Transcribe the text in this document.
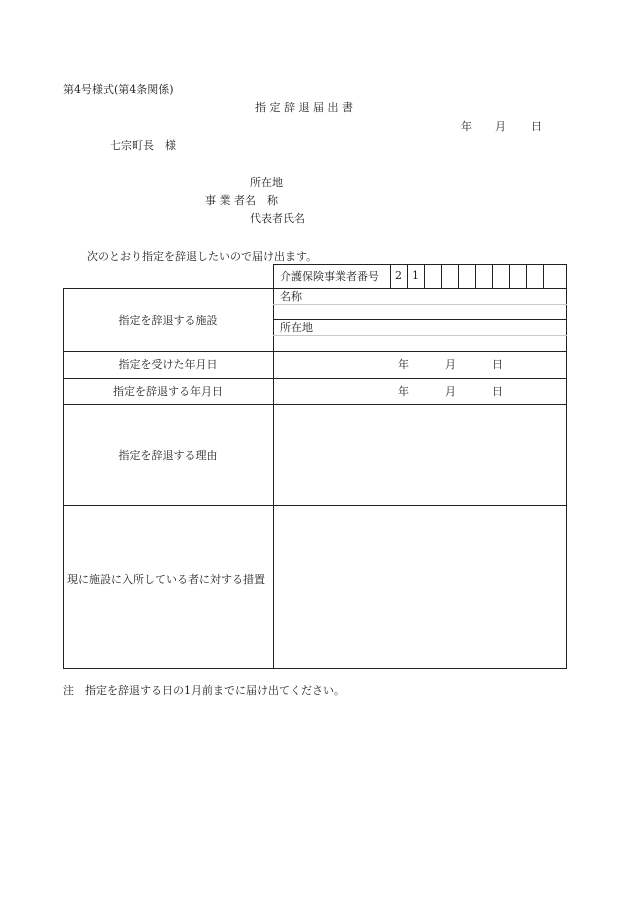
第4号様式(第4条関係)
指 定 辞 退 届 出 書
年 月 日
七宗町長　様
所在地
事 業 者名　称
代表者氏名
次のとおり指定を辞退したいので届け出ます。
介護保険事業者番号	2 1
指定を辞退する施設
名称
所在地
指定を受けた年月日	年	月	日
指定を辞退する年月日	年	月	日
指定を辞退する理由
現に施設に入所している者に対する措置
注　指定を辞退する日の1月前までに届け出てください。
